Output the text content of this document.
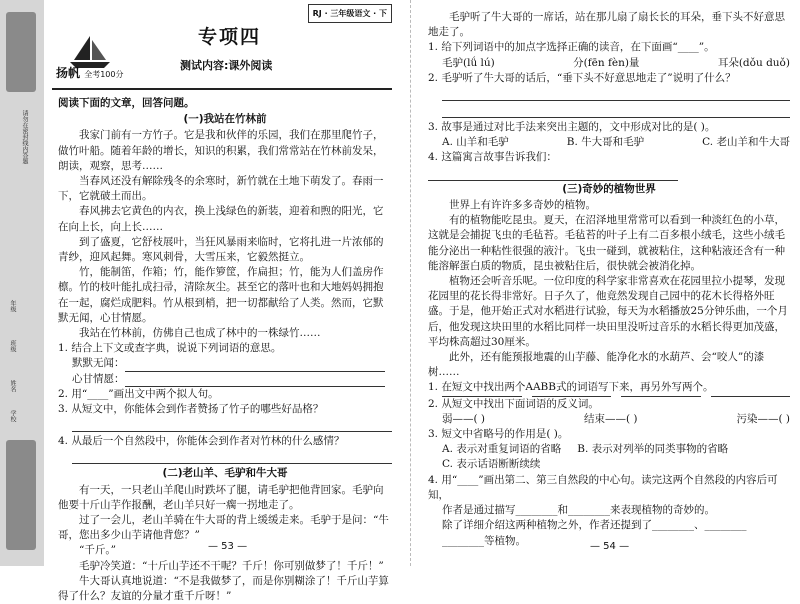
请勿在密封线内答题
年级
班级
姓名
学校
扬帆 全考100分
RJ · 三年级语文 · 下
专项四
测试内容:课外阅读

阅读下面的文章，回答问题。

(一)我站在竹林前

我家门前有一方竹子。它是我和伙伴的乐园，我们在那里爬竹子，做竹叶船。随着年龄的增长，知识的积累，我们常常站在竹林前发呆，朗读，观察，思考……

当春风还没有解除残冬的余寒时，新竹就在土地下萌发了。春雨一下，它就破土而出。

春风拂去它黄色的内衣，换上浅绿色的新装，迎着和煦的阳光，它在向上长，向上长……

到了盛夏，它舒枝展叶，当狂风暴雨来临时，它将扎进一片浓郁的青纱，迎风起舞。寒风刺骨，大雪压来，它毅然挺立。

竹，能制笛，作箱；竹，能作箩筐，作扁担；竹，能为人们盖房作檩。竹的枝叶能扎成扫帚，清除灰尘。甚至它的落叶也和大地妈妈拥抱在一起，腐烂成肥料。竹从根到梢，把一切都献给了人类。然而，它默默无闻，心甘情愿。

我站在竹林前，仿佛自己也成了林中的一株绿竹……

1. 结合上下文或查字典，说说下列词语的意思。

默默无闻：

心甘情愿：

2. 用“____”画出文中两个拟人句。

3. 从短文中，你能体会到作者赞扬了竹子的哪些好品格？

4. 从最后一个自然段中，你能体会到作者对竹林的什么感情？

(二)老山羊、毛驴和牛大哥

有一天，一只老山羊爬山时跌坏了腿，请毛驴把他背回家。毛驴向他要十斤山芋作报酬，老山羊只好一瘸一拐地走了。

过了一会儿，老山羊骑在牛大哥的背上缓缓走来。毛驴于是问：“牛哥，您出多少山芋请他背您？”

“千斤。”

毛驴冷笑道：“十斤山芋还不干呢？千斤！你可别做梦了！千斤！”

牛大哥认真地说道：“不是我做梦了，而是你别糊涂了！千斤山芋算得了什么？友谊的分量才重千斤呀！”

— 53 —

毛驴听了牛大哥的一席话，站在那儿扇了扇长长的耳朵，垂下头不好意思地走了。

1. 给下列词语中的加点字选择正确的读音，在下面画“____”。

毛驴(lǘ lú)	分(fēn fèn)量	耳朵(dǒu duǒ)

2. 毛驴听了牛大哥的话后，“垂下头不好意思地走了”说明了什么？

3. 故事是通过对比手法来突出主题的，文中形成对比的是( )。

A. 山羊和毛驴	B. 牛大哥和毛驴	C. 老山羊和牛大哥

4. 这篇寓言故事告诉我们：

(三)奇妙的植物世界

世界上有许许多多奇妙的植物。

有的植物能吃昆虫。夏天，在沼泽地里常常可以看到一种淡红色的小草，这就是会捕捉飞虫的毛毡苔。毛毡苔的叶子上有二百多根小绒毛，这些小绒毛能分泌出一种粘性很强的液汁。飞虫一碰到，就被粘住，这种粘液还含有一种能溶解蛋白质的物质，昆虫被粘住后，很快就会被消化掉。

植物还会听音乐呢。一位印度的科学家非常喜欢在花园里拉小提琴，发现花园里的花长得非常好。日子久了，他竟然发现自己园中的花木长得格外旺盛。于是，他开始正式对水稻进行试验，每天为水稻播放25分钟乐曲，一个月后，他发现这块田里的水稻比同样一块田里没听过音乐的水稻长得更加茂盛，平均株高超过30厘米。

此外，还有能预报地震的山芋藤、能净化水的水葫芦、会“咬人”的漆树……

1. 在短文中找出两个AABB式的词语写下来，再另外写两个。

2. 从短文中找出下面词语的反义词。

弱——( )	结束——( )	污染——( )

3. 短文中省略号的作用是( )。

A. 表示对重复词语的省略 B. 表示对列举的同类事物的省略
C. 表示话语断断续续

4. 用“____”画出第二、第三自然段的中心句。读完这两个自然段的内容后可知，

作者是通过描写________和________来表现植物的奇妙的。

除了详细介绍这两种植物之外，作者还提到了________、________

________等植物。	— 54 —
